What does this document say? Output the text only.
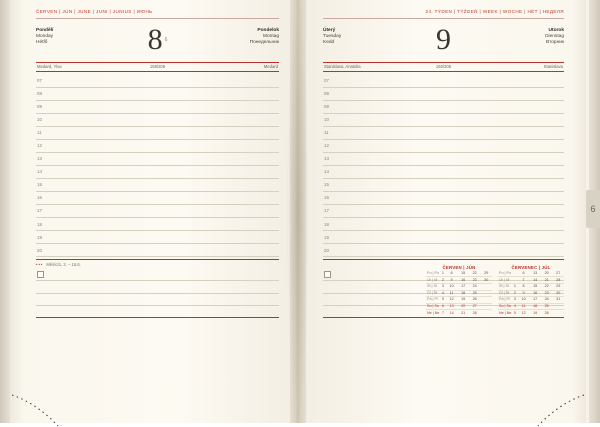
ČERVEN | JÚN | JUNE | JUNI | JUNIUS | ИЮНЬ
Pondělí
Monday
Hétfő	8 $^6$
Pondelok
Montag
Понедельник
Medard, Ylva	159/206	Medard
07
08
09
10
11
12
13
14
15
16
17
18
19
20
••• Měsíc/1, 2. – 15.6.
24. TÝDEN | TÝŽDEŇ | WEEK | WOCHE | HÉT | НЕДЕЛЯ
Úterý
Tuesday
Kedd	9	Utorok
Dienstag
Вторник
Stanislava, Anatolia	160/205	Stanislava
07
08
09
10
11
12
13
14
15
16
17
18
19
20
ČERVEN | JÚN
Po | Po	1	8	15	22	29
Út | Ut	2	9	16	23	30
St | St	3	10	17	24	
Čt | Št	4	11	18	25	
Pá | Pi	5	12	19	26	
So | So	6	13	20	27	
Ne | Ne	7	14	21	28	
ČERVENEC | JÚL
Po | Po		6	13	20	27
Út | Ut		7	14	21	28
St | St	1	8	15	22	29
Čt | Št	2	9	16	23	30
Pá | Pi	3	10	17	24	31
So | So	4	11	18	25	
Ne | Ne	5	12	19	26	
6
